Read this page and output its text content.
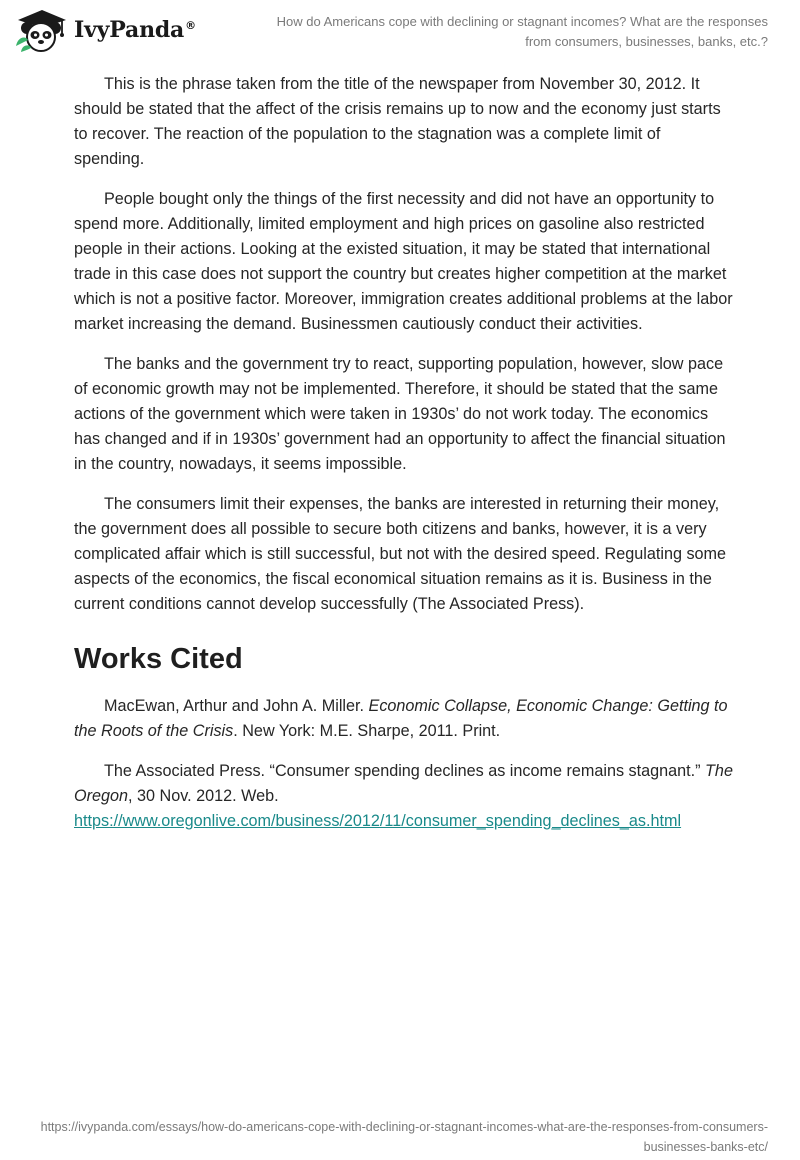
IvyPanda®	How do Americans cope with declining or stagnant incomes? What are the responses from consumers, businesses, banks, etc.?

This is the phrase taken from the title of the newspaper from November 30, 2012. It should be stated that the affect of the crisis remains up to now and the economy just starts to recover. The reaction of the population to the stagnation was a complete limit of spending.

People bought only the things of the first necessity and did not have an opportunity to spend more. Additionally, limited employment and high prices on gasoline also restricted people in their actions. Looking at the existed situation, it may be stated that international trade in this case does not support the country but creates higher competition at the market which is not a positive factor. Moreover, immigration creates additional problems at the labor market increasing the demand. Businessmen cautiously conduct their activities.

The banks and the government try to react, supporting population, however, slow pace of economic growth may not be implemented. Therefore, it should be stated that the same actions of the government which were taken in 1930s’ do not work today. The economics has changed and if in 1930s’ government had an opportunity to affect the financial situation in the country, nowadays, it seems impossible.

The consumers limit their expenses, the banks are interested in returning their money, the government does all possible to secure both citizens and banks, however, it is a very complicated affair which is still successful, but not with the desired speed. Regulating some aspects of the economics, the fiscal economical situation remains as it is. Business in the current conditions cannot develop successfully (The Associated Press).

Works Cited

MacEwan, Arthur and John A. Miller. Economic Collapse, Economic Change: Getting to the Roots of the Crisis. New York: M.E. Sharpe, 2011. Print.

The Associated Press. “Consumer spending declines as income remains stagnant.” The Oregon, 30 Nov. 2012. Web.
https://www.oregonlive.com/business/2012/11/consumer_spending_declines_as.html

https://ivypanda.com/essays/how-do-americans-cope-with-declining-or-stagnant-incomes-what-are-the-responses-from-consumers-businesses-banks-etc/
